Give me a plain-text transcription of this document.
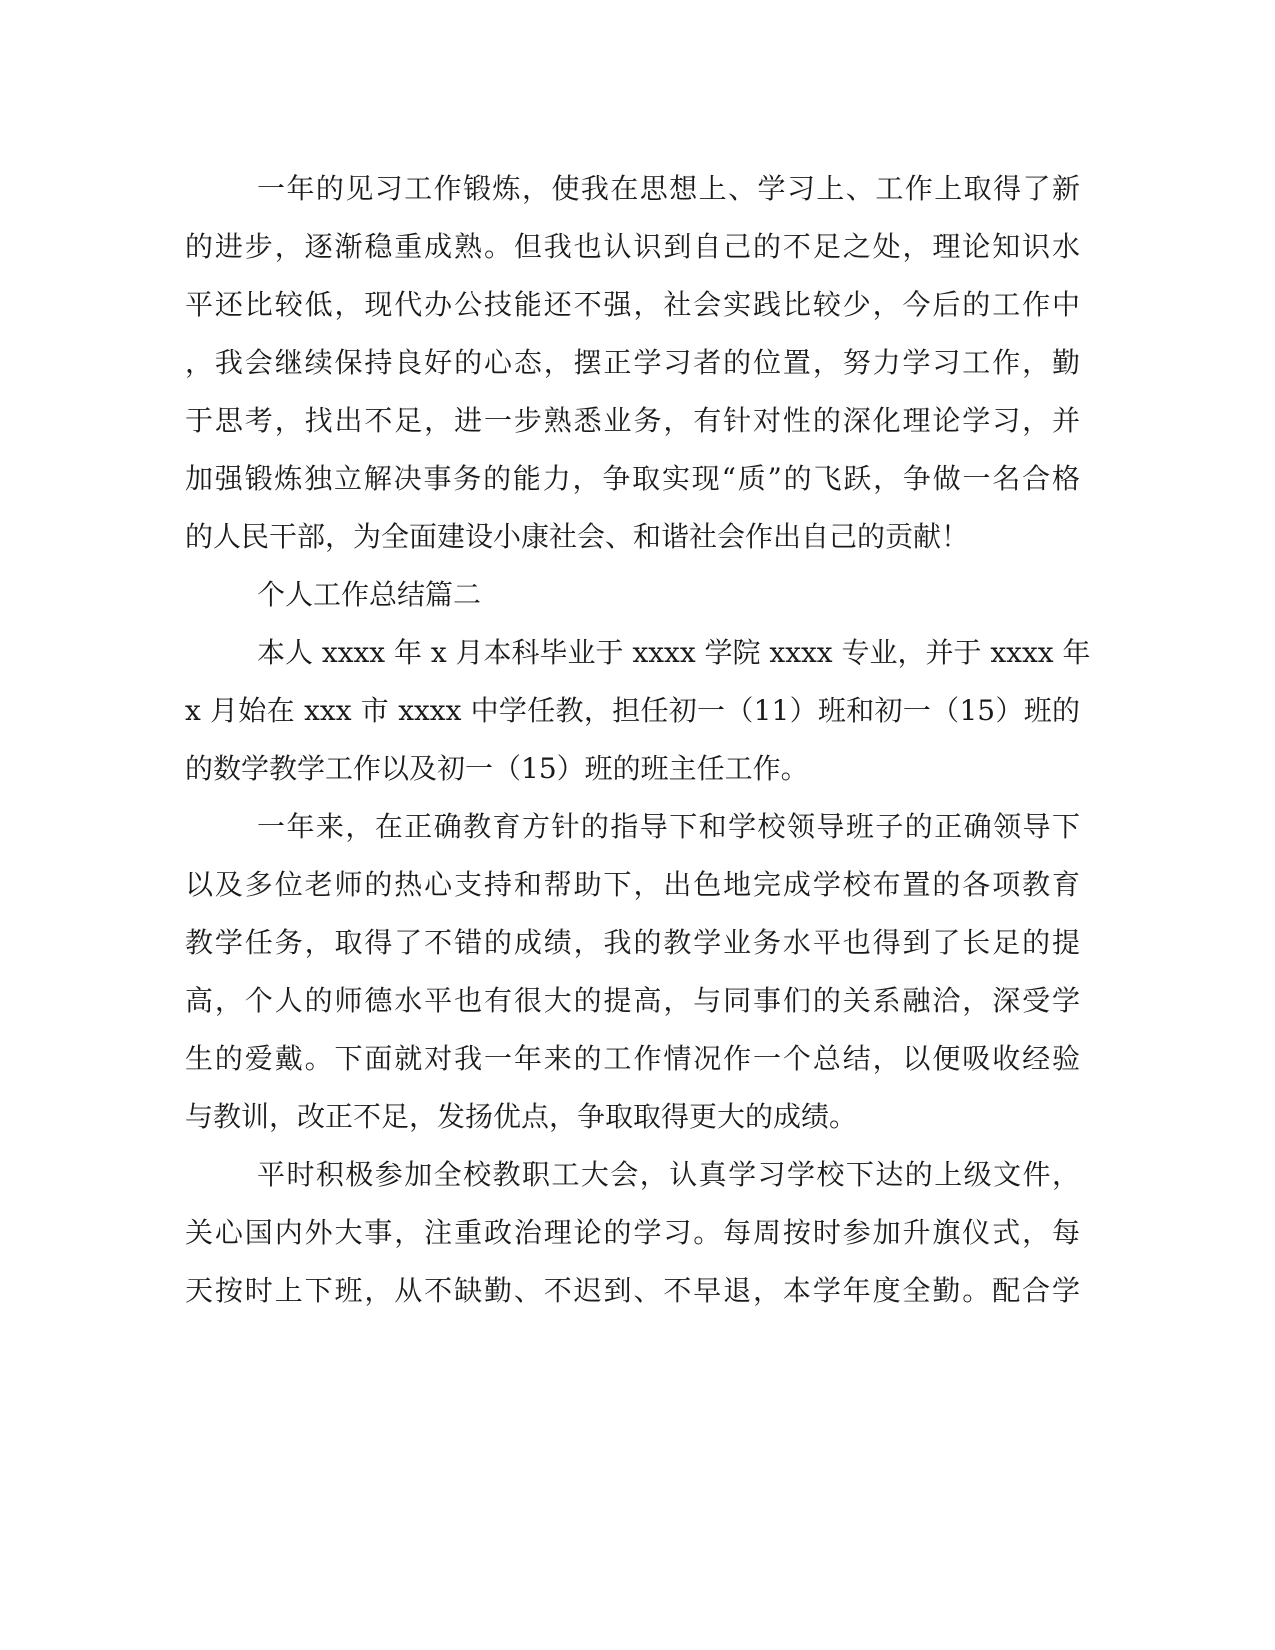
一年的见习工作锻炼，使我在思想上、学习上、工作上取得了新
的进步，逐渐稳重成熟。但我也认识到自己的不足之处，理论知识水
平还比较低，现代办公技能还不强，社会实践比较少，今后的工作中
，我会继续保持良好的心态，摆正学习者的位置，努力学习工作，勤
于思考，找出不足，进一步熟悉业务，有针对性的深化理论学习，并
加强锻炼独立解决事务的能力，争取实现“质”的飞跃，争做一名合格
的人民干部，为全面建设小康社会、和谐社会作出自己的贡献！
个人工作总结篇二
本人 xxxx 年 x 月本科毕业于 xxxx 学院 xxxx 专业，并于 xxxx 年
x 月始在 xxx 市 xxxx 中学任教，担任初一（11）班和初一（15）班的
的数学教学工作以及初一（15）班的班主任工作。
一年来，在正确教育方针的指导下和学校领导班子的正确领导下
以及多位老师的热心支持和帮助下，出色地完成学校布置的各项教育
教学任务，取得了不错的成绩，我的教学业务水平也得到了长足的提
高，个人的师德水平也有很大的提高，与同事们的关系融洽，深受学
生的爱戴。下面就对我一年来的工作情况作一个总结，以便吸收经验
与教训，改正不足，发扬优点，争取取得更大的成绩。
平时积极参加全校教职工大会，认真学习学校下达的上级文件，
关心国内外大事，注重政治理论的学习。每周按时参加升旗仪式，每
天按时上下班，从不缺勤、不迟到、不早退，本学年度全勤。配合学
